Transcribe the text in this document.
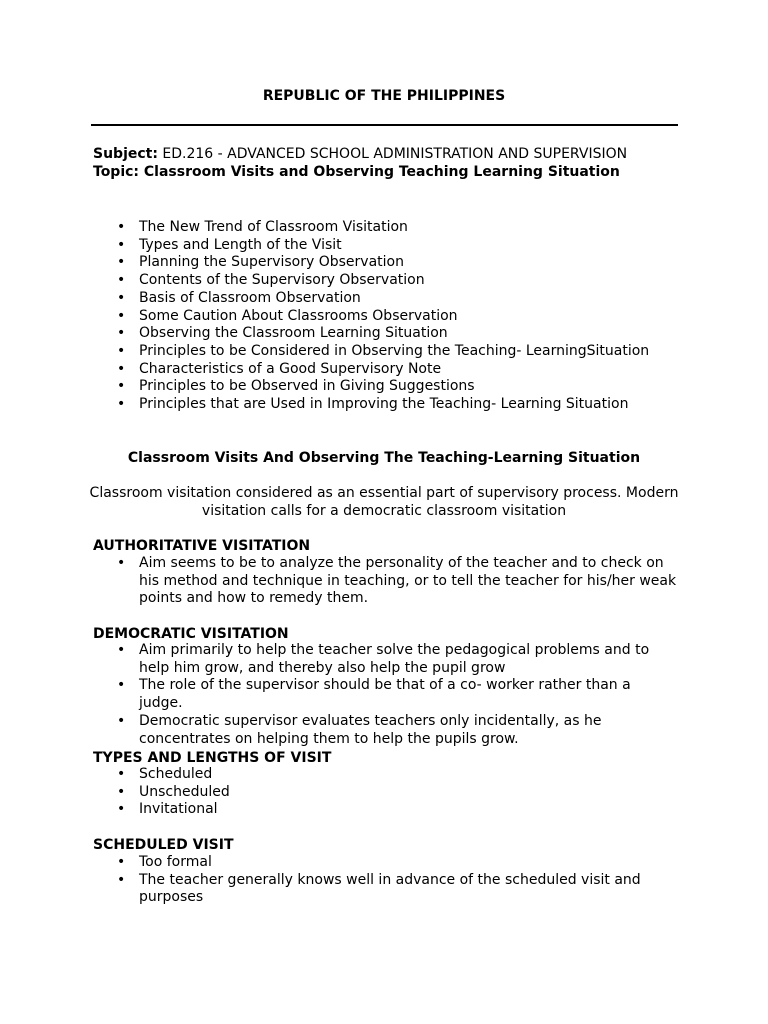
REPUBLIC OF THE PHILIPPINES
Subject: ED.216 - ADVANCED SCHOOL ADMINISTRATION AND SUPERVISION
Topic: Classroom Visits and Observing Teaching Learning Situation
• The New Trend of Classroom Visitation
• Types and Length of the Visit
• Planning the Supervisory Observation
• Contents of the Supervisory Observation
• Basis of Classroom Observation
• Some Caution About Classrooms Observation
• Observing the Classroom Learning Situation
• Principles to be Considered in Observing the Teaching- LearningSituation
• Characteristics of a Good Supervisory Note
• Principles to be Observed in Giving Suggestions
• Principles that are Used in Improving the Teaching- Learning Situation
Classroom Visits And Observing The Teaching-Learning Situation
Classroom visitation considered as an essential part of supervisory process. Modern visitation calls for a democratic classroom visitation
AUTHORITATIVE VISITATION
• Aim seems to be to analyze the personality of the teacher and to check on his method and technique in teaching, or to tell the teacher for his/her weak points and how to remedy them.
DEMOCRATIC VISITATION
• Aim primarily to help the teacher solve the pedagogical problems and to help him grow, and thereby also help the pupil grow
• The role of the supervisor should be that of a co- worker rather than a judge.
• Democratic supervisor evaluates teachers only incidentally, as he concentrates on helping them to help the pupils grow.
TYPES AND LENGTHS OF VISIT
• Scheduled
• Unscheduled
• Invitational
SCHEDULED VISIT
• Too formal
• The teacher generally knows well in advance of the scheduled visit and purposes
